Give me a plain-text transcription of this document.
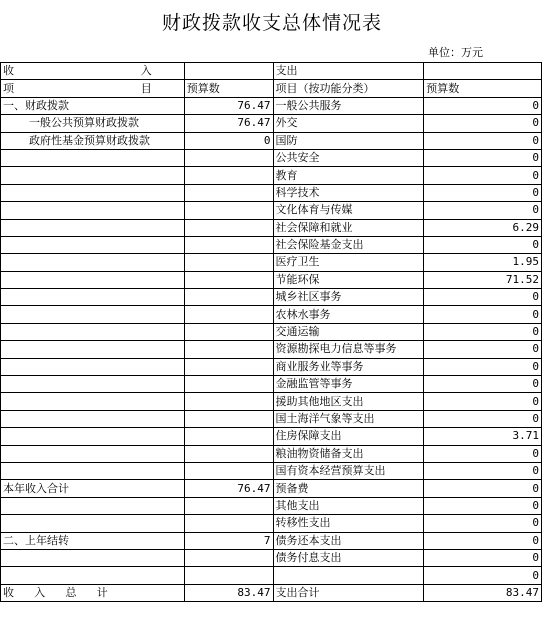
财政拨款收支总体情况表
单位：万元
收 入		支出	

项 目	预算数	项目（按功能分类）	预算数
一、财政拨款	76.47	一般公共服务	0
一般公共预算财政拨款	76.47	外交	0
政府性基金预算财政拨款	0	国防	0
		公共安全	0
		教育	0
		科学技术	0
		文化体育与传媒	0
		社会保障和就业	6.29
		社会保险基金支出	0
		医疗卫生	1.95
		节能环保	71.52
		城乡社区事务	0
		农林水事务	0
		交通运输	0
		资源勘探电力信息等事务	0
		商业服务业等事务	0
		金融监管等事务	0
		援助其他地区支出	0
		国土海洋气象等支出	0
		住房保障支出	3.71
		粮油物资储备支出	0
		国有资本经营预算支出	0
本年收入合计	76.47	预备费	0
		其他支出	0
		转移性支出	0
二、上年结转	7	债务还本支出	0
		债务付息支出	0
			0

收 入 总 计	83.47	支出合计	83.47
